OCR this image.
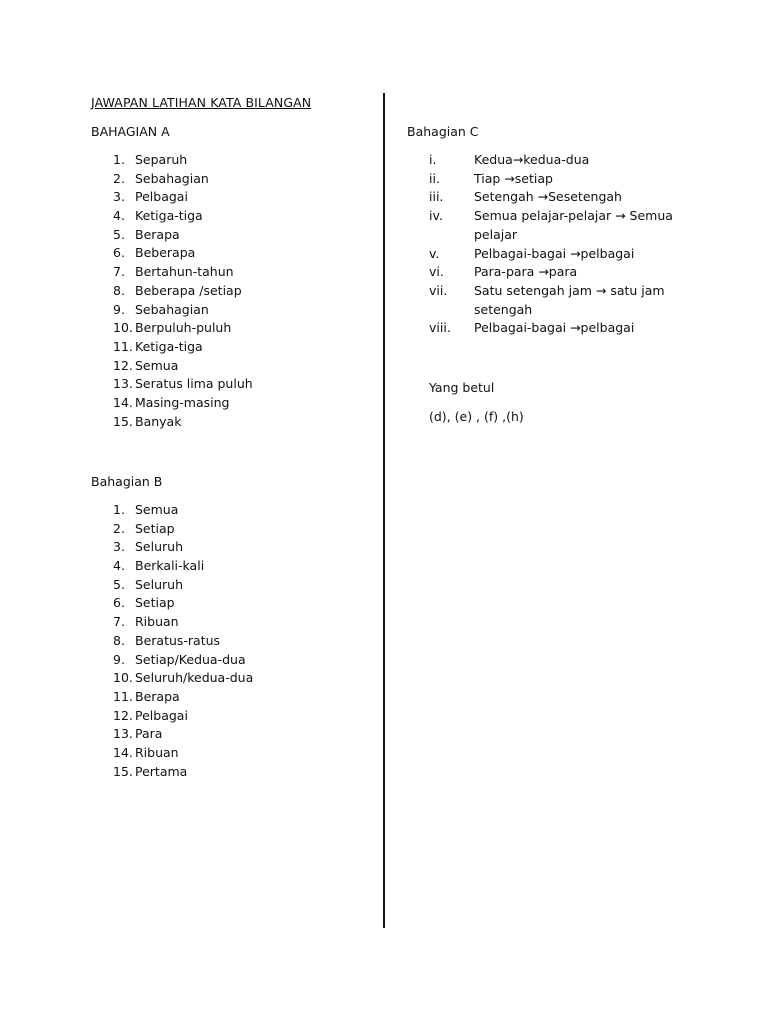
JAWAPAN LATIHAN KATA BILANGAN
BAHAGIAN A
1. Separuh
2. Sebahagian
3. Pelbagai
4. Ketiga-tiga
5. Berapa
6. Beberapa
7. Bertahun-tahun
8. Beberapa /setiap
9. Sebahagian
10. Berpuluh-puluh
11. Ketiga-tiga
12. Semua
13. Seratus lima puluh
14. Masing-masing
15. Banyak
Bahagian B
1. Semua
2. Setiap
3. Seluruh
4. Berkali-kali
5. Seluruh
6. Setiap
7. Ribuan
8. Beratus-ratus
9. Setiap/Kedua-dua
10. Seluruh/kedua-dua
11. Berapa
12. Pelbagai
13. Para
14. Ribuan
15. Pertama
Bahagian C
i.	Kedua→kedua-dua
ii.	Tiap →setiap
iii.	Setengah →Sesetengah
iv.	Semua pelajar-pelajar → Semua pelajar
v.	Pelbagai-bagai →pelbagai
vi.	Para-para →para
vii.	Satu setengah jam → satu jam setengah
viii.	Pelbagai-bagai →pelbagai
Yang betul
(d), (e) , (f) ,(h)
